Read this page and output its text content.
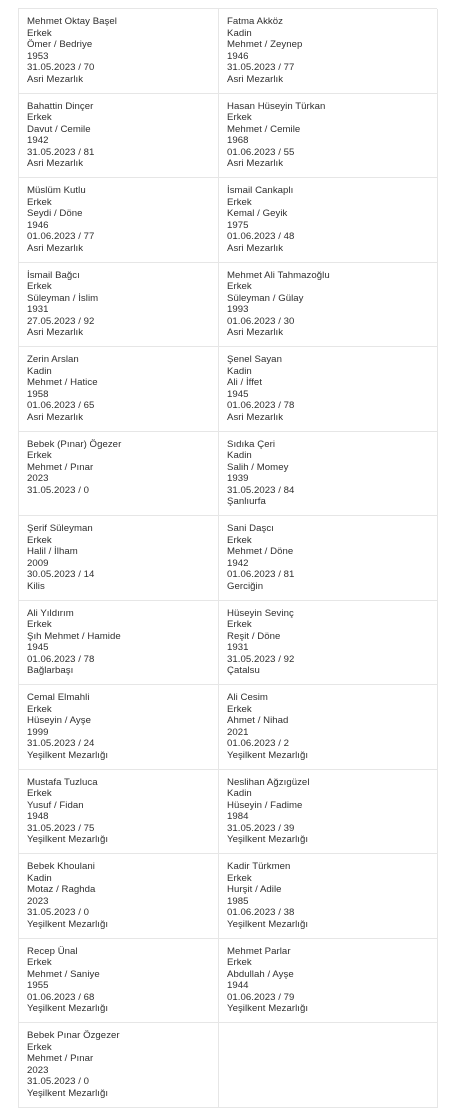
Mehmet Oktay Başel
Erkek
Ömer / Bedriye
1953
31.05.2023 / 70
Asri Mezarlık
Fatma Akköz
Kadin
Mehmet / Zeynep
1946
31.05.2023 / 77
Asri Mezarlık
Bahattin Dinçer
Erkek
Davut / Cemile
1942
31.05.2023 / 81
Asri Mezarlık
Hasan Hüseyin Türkan
Erkek
Mehmet / Cemile
1968
01.06.2023 / 55
Asri Mezarlık
Müslüm Kutlu
Erkek
Seydi / Döne
1946
01.06.2023 / 77
Asri Mezarlık
İsmail Cankaplı
Erkek
Kemal / Geyik
1975
01.06.2023 / 48
Asri Mezarlık
İsmail Bağcı
Erkek
Süleyman / İslim
1931
27.05.2023 / 92
Asri Mezarlık
Mehmet Ali Tahmazoğlu
Erkek
Süleyman / Gülay
1993
01.06.2023 / 30
Asri Mezarlık
Zerin Arslan
Kadin
Mehmet / Hatice
1958
01.06.2023 / 65
Asri Mezarlık
Şenel Sayan
Kadin
Ali / İffet
1945
01.06.2023 / 78
Asri Mezarlık
Bebek (Pınar) Ögezer
Erkek
Mehmet / Pınar
2023
31.05.2023 / 0
Sıdıka Çeri
Kadin
Salih / Momey
1939
31.05.2023 / 84
Şanlıurfa
Şerif Süleyman
Erkek
Halil / İlham
2009
30.05.2023 / 14
Kilis
Sani Daşcı
Erkek
Mehmet / Döne
1942
01.06.2023 / 81
Gerciğin
Ali Yıldırım
Erkek
Şıh Mehmet / Hamide
1945
01.06.2023 / 78
Bağlarbaşı
Hüseyin Sevinç
Erkek
Reşit / Döne
1931
31.05.2023 / 92
Çatalsu
Cemal Elmahli
Erkek
Hüseyin / Ayşe
1999
31.05.2023 / 24
Yeşilkent Mezarlığı
Ali Cesim
Erkek
Ahmet / Nihad
2021
01.06.2023 / 2
Yeşilkent Mezarlığı
Mustafa Tuzluca
Erkek
Yusuf / Fidan
1948
31.05.2023 / 75
Yeşilkent Mezarlığı
Neslihan Ağzıgüzel
Kadin
Hüseyin / Fadime
1984
31.05.2023 / 39
Yeşilkent Mezarlığı
Bebek Khoulani
Kadin
Motaz / Raghda
2023
31.05.2023 / 0
Yeşilkent Mezarlığı
Kadir Türkmen
Erkek
Hurşit / Adile
1985
01.06.2023 / 38
Yeşilkent Mezarlığı
Recep Ünal
Erkek
Mehmet / Saniye
1955
01.06.2023 / 68
Yeşilkent Mezarlığı
Mehmet Parlar
Erkek
Abdullah / Ayşe
1944
01.06.2023 / 79
Yeşilkent Mezarlığı
Bebek Pınar Özgezer
Erkek
Mehmet / Pınar
2023
31.05.2023 / 0
Yeşilkent Mezarlığı
